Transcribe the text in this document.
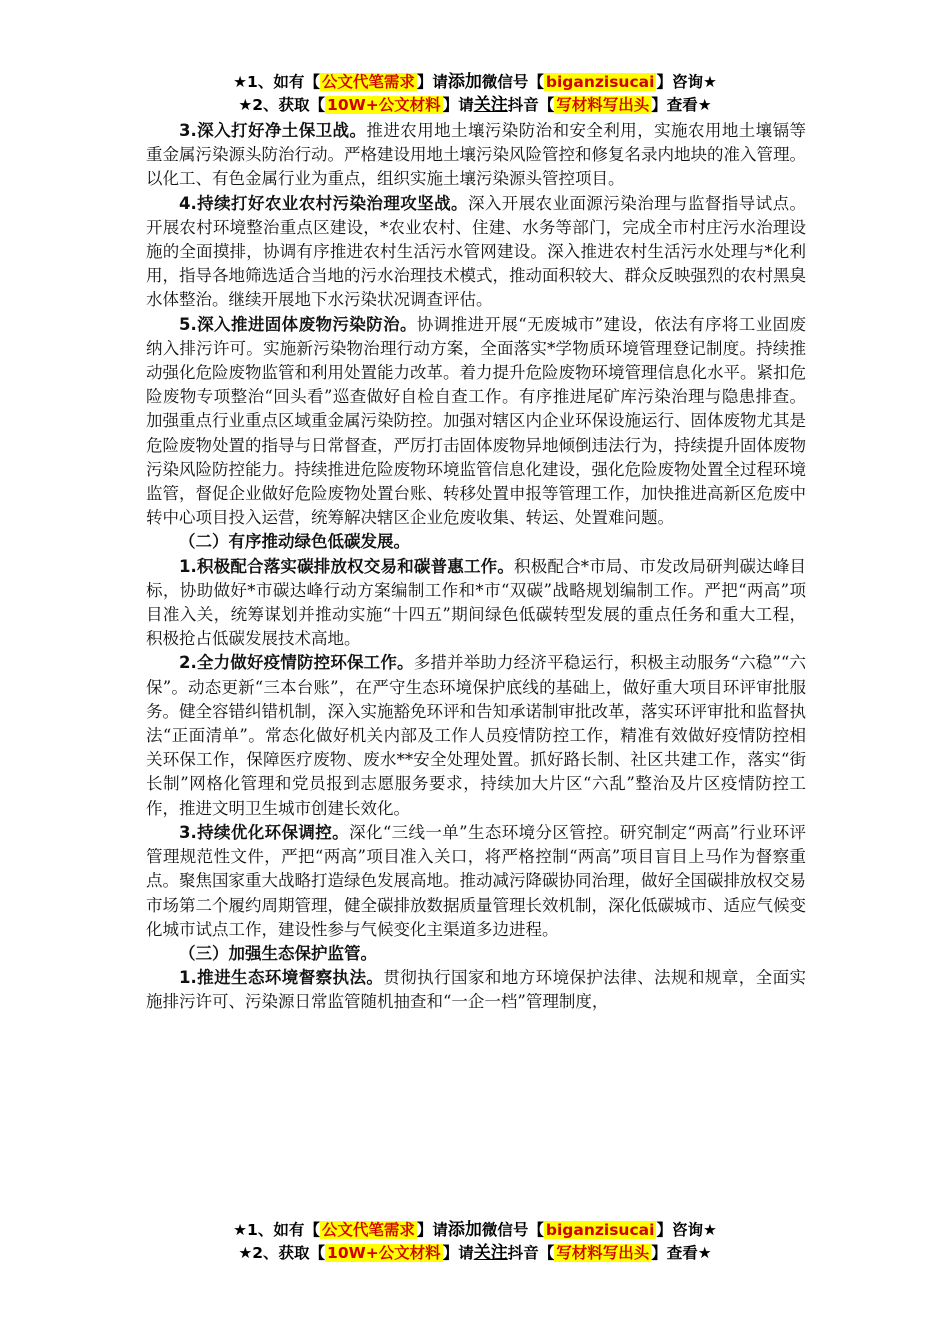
★1、如有【 公文代笔需求 】请添加微信号【 biganzisucai 】咨询★
★2、获取【 10W+公文材料 】请关注抖音【 写材料写出头 】查看★

3.深入打好净土保卫战。推进农用地土壤污染防治和安全利用，实施农用地土壤镉等重金属污染源头防治行动。严格建设用地土壤污染风险管控和修复名录内地块的准入管理。以化工、有色金属行业为重点，组织实施土壤污染源头管控项目。

4.持续打好农业农村污染治理攻坚战。深入开展农业面源污染治理与监督指导试点。开展农村环境整治重点区建设，*农业农村、住建、水务等部门，完成全市村庄污水治理设施的全面摸排，协调有序推进农村生活污水管网建设。深入推进农村生活污水处理与*化利用，指导各地筛选适合当地的污水治理技术模式，推动面积较大、群众反映强烈的农村黑臭水体整治。继续开展地下水污染状况调查评估。

5.深入推进固体废物污染防治。协调推进开展“无废城市”建设，依法有序将工业固废纳入排污许可。实施新污染物治理行动方案，全面落实*学物质环境管理登记制度。持续推动强化危险废物监管和利用处置能力改革。着力提升危险废物环境管理信息化水平。紧扣危险废物专项整治“回头看”巡查做好自检自查工作。有序推进尾矿库污染治理与隐患排查。加强重点行业重点区域重金属污染防控。加强对辖区内企业环保设施运行、固体废物尤其是危险废物处置的指导与日常督查，严厉打击固体废物异地倾倒违法行为，持续提升固体废物污染风险防控能力。持续推进危险废物环境监管信息化建设，强化危险废物处置全过程环境监管，督促企业做好危险废物处置台账、转移处置申报等管理工作，加快推进高新区危废中转中心项目投入运营，统筹解决辖区企业危废收集、转运、处置难问题。

（二）有序推动绿色低碳发展。

1.积极配合落实碳排放权交易和碳普惠工作。积极配合*市局、市发改局研判碳达峰目标，协助做好*市碳达峰行动方案编制工作和*市“双碳”战略规划编制工作。严把“两高”项目准入关，统筹谋划并推动实施“十四五”期间绿色低碳转型发展的重点任务和重大工程，积极抢占低碳发展技术高地。

2.全力做好疫情防控环保工作。多措并举助力经济平稳运行，积极主动服务“六稳”“六保”。动态更新“三本台账”，在严守生态环境保护底线的基础上，做好重大项目环评审批服务。健全容错纠错机制，深入实施豁免环评和告知承诺制审批改革，落实环评审批和监督执法“正面清单”。常态化做好机关内部及工作人员疫情防控工作，精准有效做好疫情防控相关环保工作，保障医疗废物、废水**安全处理处置。抓好路长制、社区共建工作，落实“街长制”网格化管理和党员报到志愿服务要求，持续加大片区“六乱”整治及片区疫情防控工作，推进文明卫生城市创建长效化。

3.持续优化环保调控。深化“三线一单”生态环境分区管控。研究制定“两高”行业环评管理规范性文件，严把“两高”项目准入关口，将严格控制“两高”项目盲目上马作为督察重点。聚焦国家重大战略打造绿色发展高地。推动减污降碳协同治理，做好全国碳排放权交易市场第二个履约周期管理，健全碳排放数据质量管理长效机制，深化低碳城市、适应气候变化城市试点工作，建设性参与气候变化主渠道多边进程。

（三）加强生态保护监管。

1.推进生态环境督察执法。贯彻执行国家和地方环境保护法律、法规和规章，全面实施排污许可、污染源日常监管随机抽查和“一企一档”管理制度，

★1、如有【 公文代笔需求 】请添加微信号【 biganzisucai 】咨询★
★2、获取【 10W+公文材料 】请关注抖音【 写材料写出头 】查看★
